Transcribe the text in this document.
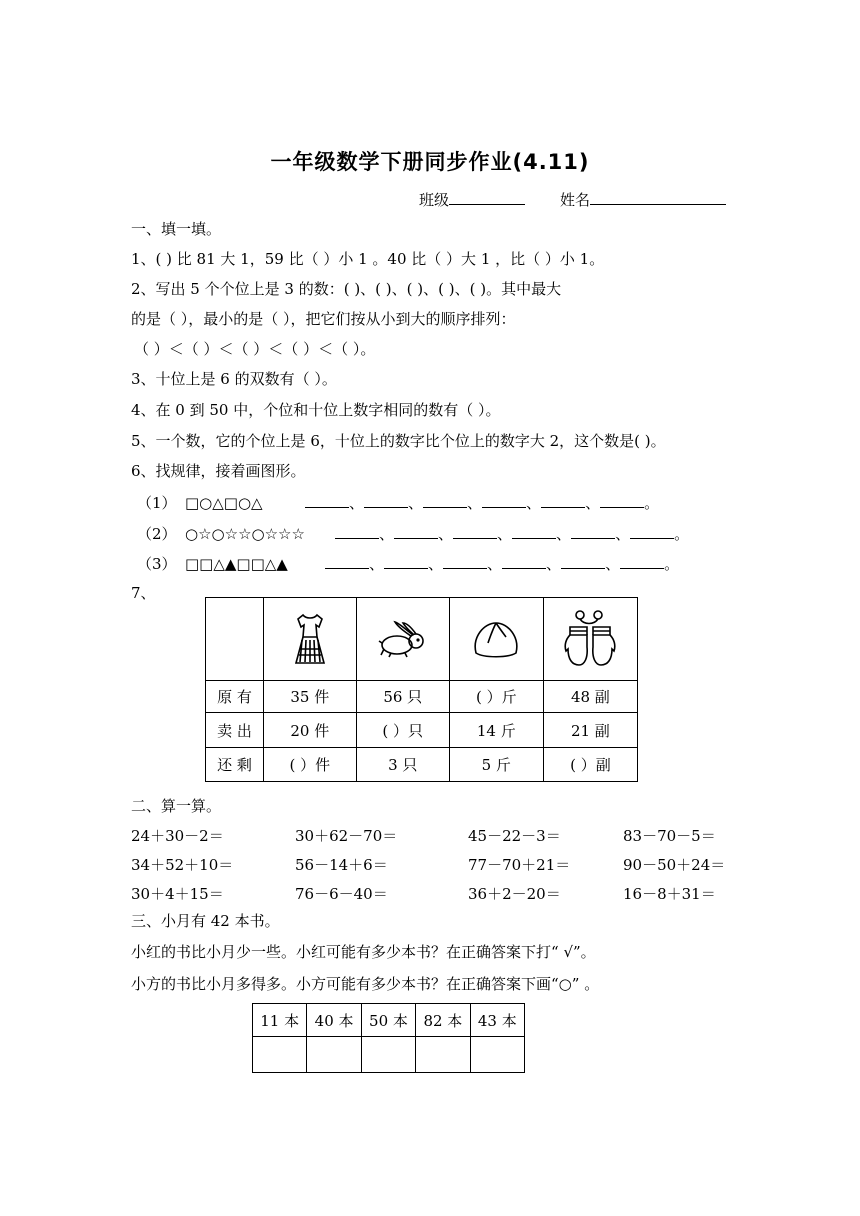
一年级数学下册同步作业(4.11)
班级	姓名
一、填一填。
1、( ) 比 81 大 1，59 比（ ）小 1 。40 比（ ）大 1 ，比（ ）小 1。
2、写出 5 个个位上是 3 的数：( )、( )、( )、( )、( )。其中最大
的是（ ），最小的是（ ），把它们按从小到大的顺序排列：
（ ）＜（ ）＜（ ）＜（ ）＜（ ）。
3、十位上是 6 的双数有（ ）。
4、在 0 到 50 中，个位和十位上数字相同的数有（ ）。
5、一个数，它的个位上是 6，十位上的数字比个位上的数字大 2，这个数是( )。
6、找规律，接着画图形。
（1） □○△□○△	、	、	、	、	、	。
（2） ○☆○☆☆○☆☆☆	、	、	、	、	、	。
（3） □□△▲□□△▲	、	、	、	、	、	。
7、

原 有	35 件	56 只	( ）斤	48 副
卖 出	20 件	( ）只	14 斤	21 副
还 剩	( ）件	3 只	5 斤	( ）副
二、算一算。
24＋30－2＝	30＋62－70＝	45－22－3＝	83－70－5＝
34＋52＋10＝	56－14＋6＝	77－70＋21＝	90－50＋24＝
30＋4＋15＝	76－6－40＝	36＋2－20＝	16－8＋31＝
三、小月有 42 本书。
小红的书比小月少一些。小红可能有多少本书？在正确答案下打“ √”。
小方的书比小月多得多。小方可能有多少本书？在正确答案下画“○” 。
11 本	40 本	50 本	82 本	43 本
